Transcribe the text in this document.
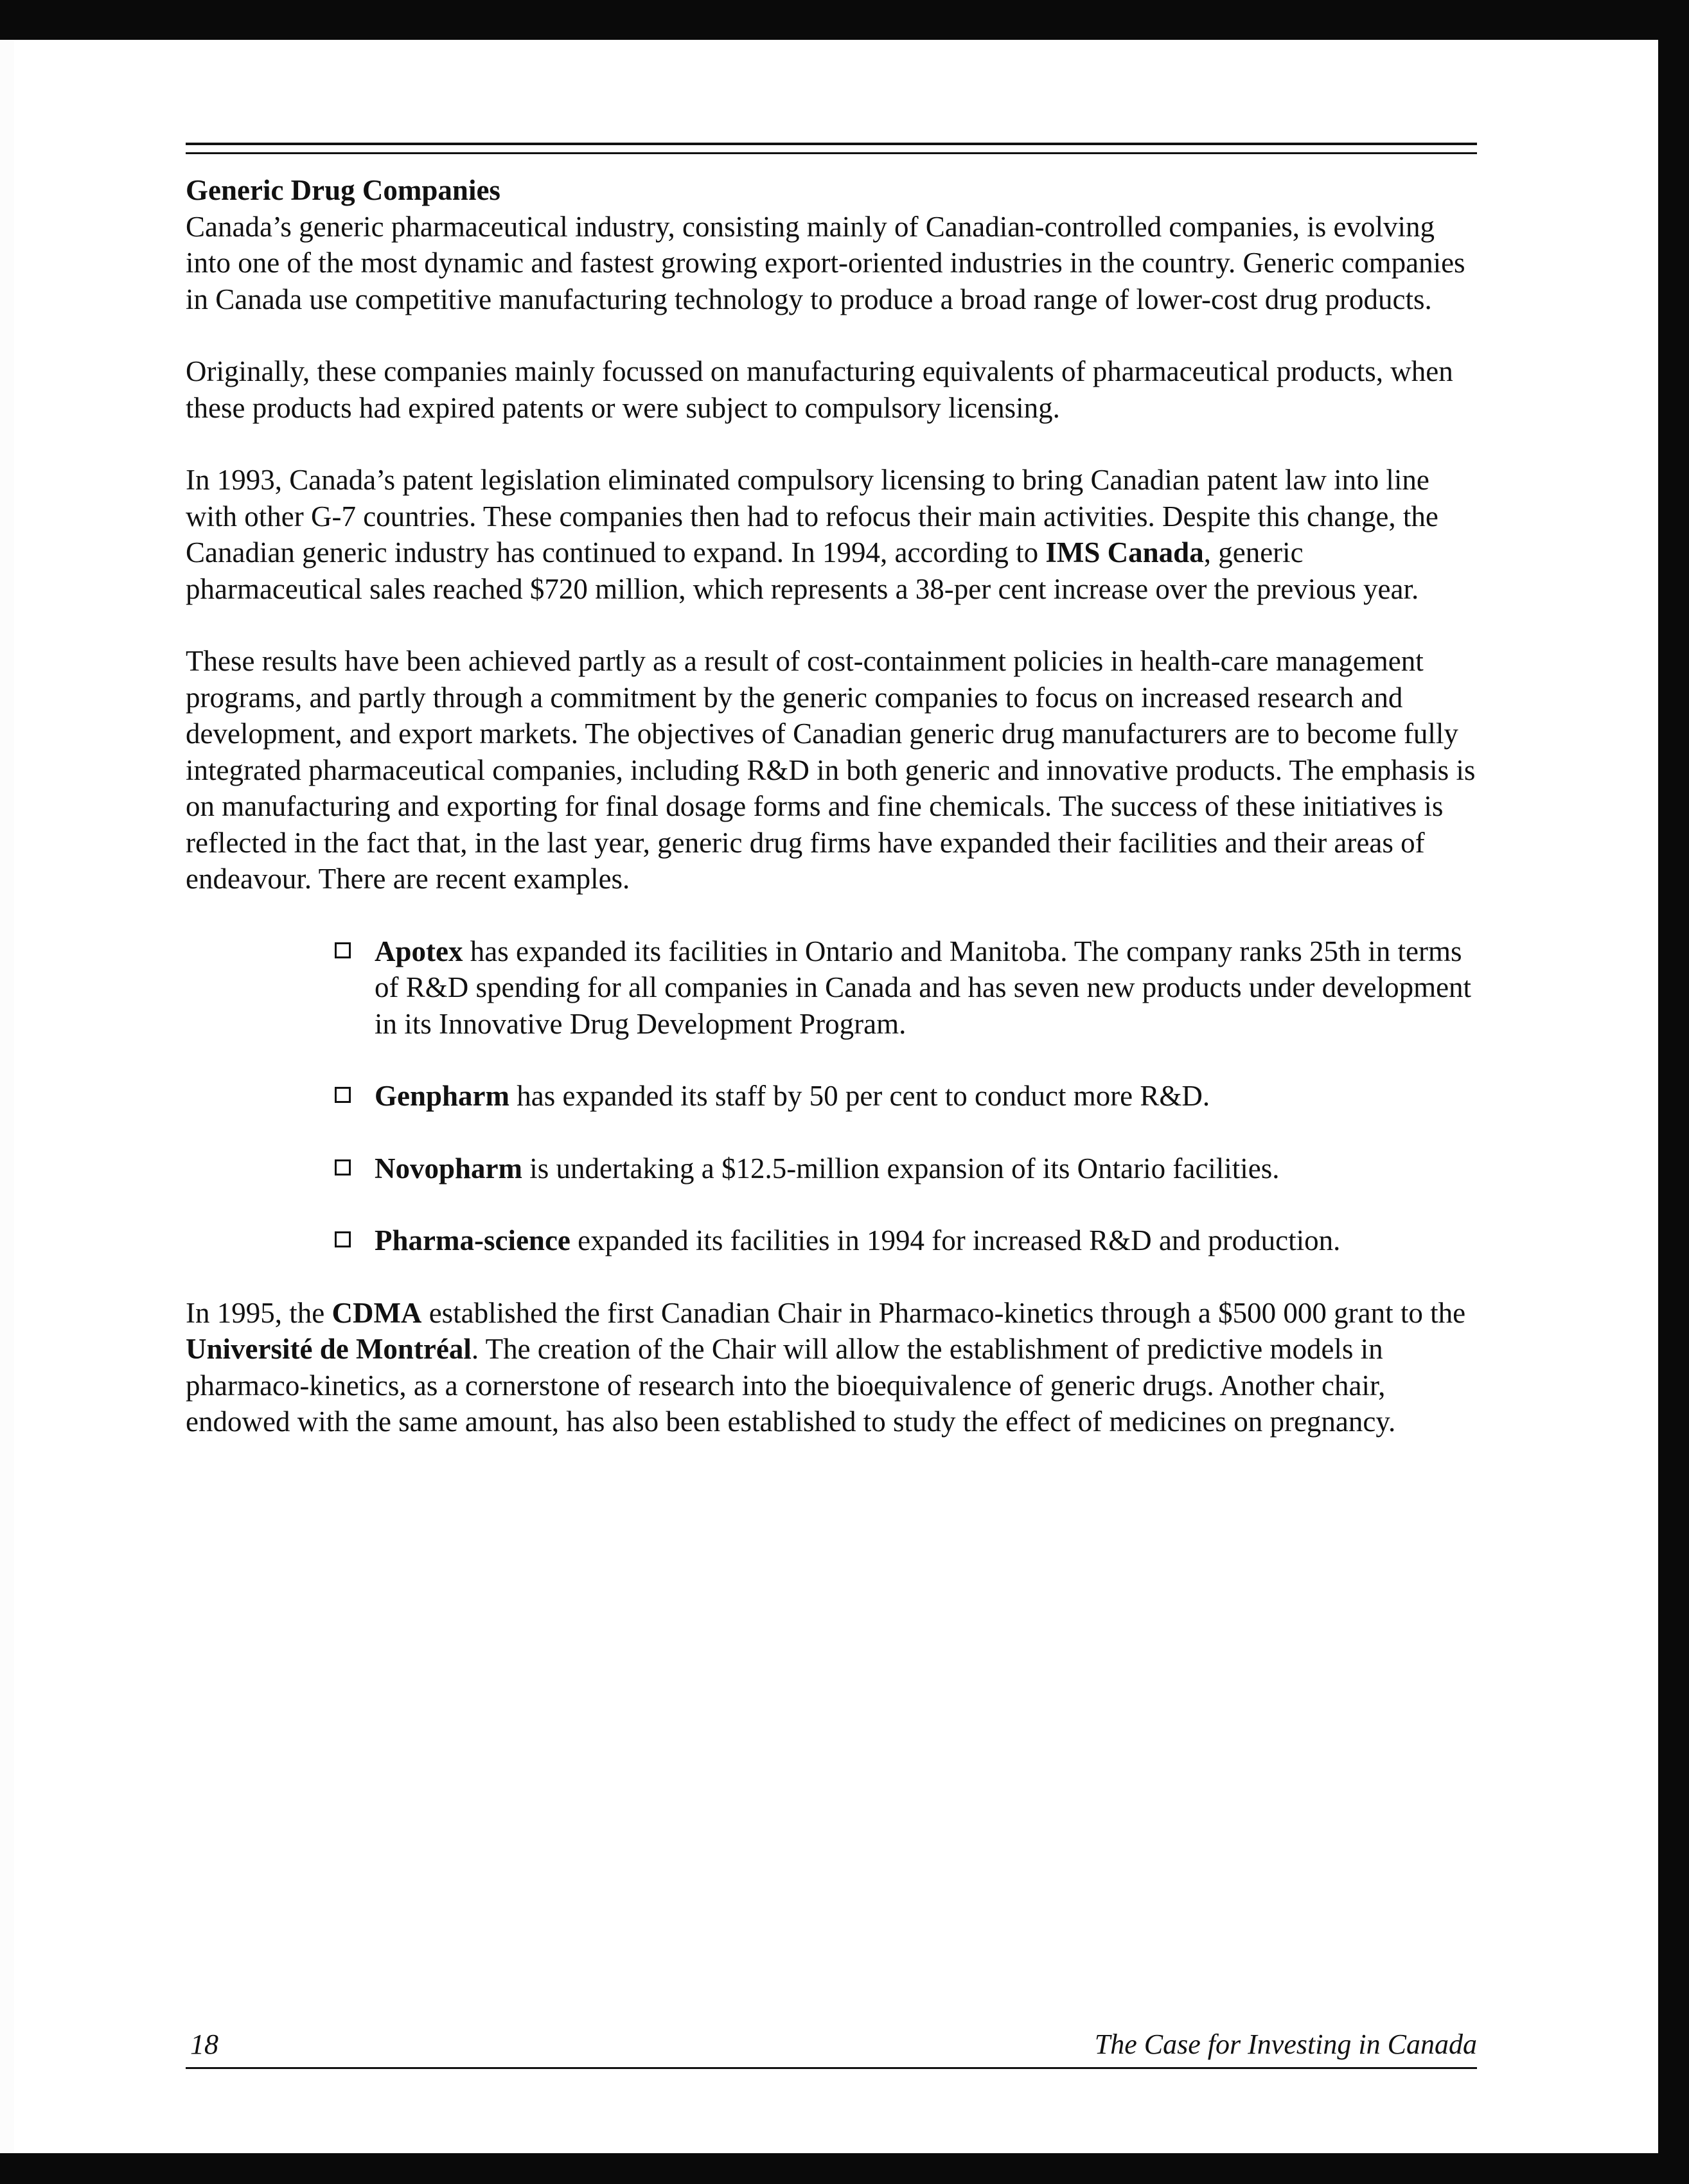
Generic Drug Companies

Canada’s generic pharmaceutical industry, consisting mainly of Canadian-controlled companies, is evolving into one of the most dynamic and fastest growing export-oriented industries in the country. Generic companies in Canada use competitive manufacturing technology to produce a broad range of lower-cost drug products.

Originally, these companies mainly focussed on manufacturing equivalents of pharmaceutical products, when these products had expired patents or were subject to compulsory licensing.

In 1993, Canada’s patent legislation eliminated compulsory licensing to bring Canadian patent law into line with other G-7 countries. These companies then had to refocus their main activities. Despite this change, the Canadian generic industry has continued to expand. In 1994, according to IMS Canada, generic pharmaceutical sales reached $720 million, which represents a 38-per cent increase over the previous year.

These results have been achieved partly as a result of cost-containment policies in health-care management programs, and partly through a commitment by the generic companies to focus on increased research and development, and export markets. The objectives of Canadian generic drug manufacturers are to become fully integrated pharmaceutical companies, including R&D in both generic and innovative products. The emphasis is on manufacturing and exporting for final dosage forms and fine chemicals. The success of these initiatives is reflected in the fact that, in the last year, generic drug firms have expanded their facilities and their areas of endeavour. There are recent examples.

Apotex has expanded its facilities in Ontario and Manitoba. The company ranks 25th in terms of R&D spending for all companies in Canada and has seven new products under development in its Innovative Drug Development Program.
Genpharm has expanded its staff by 50 per cent to conduct more R&D.
Novopharm is undertaking a $12.5-million expansion of its Ontario facilities.
Pharma-science expanded its facilities in 1994 for increased R&D and production.

In 1995, the CDMA established the first Canadian Chair in Pharmaco-kinetics through a $500 000 grant to the Université de Montréal. The creation of the Chair will allow the establishment of predictive models in pharmaco-kinetics, as a cornerstone of research into the bioequivalence of generic drugs. Another chair, endowed with the same amount, has also been established to study the effect of medicines on pregnancy.

18	The Case for Investing in Canada
